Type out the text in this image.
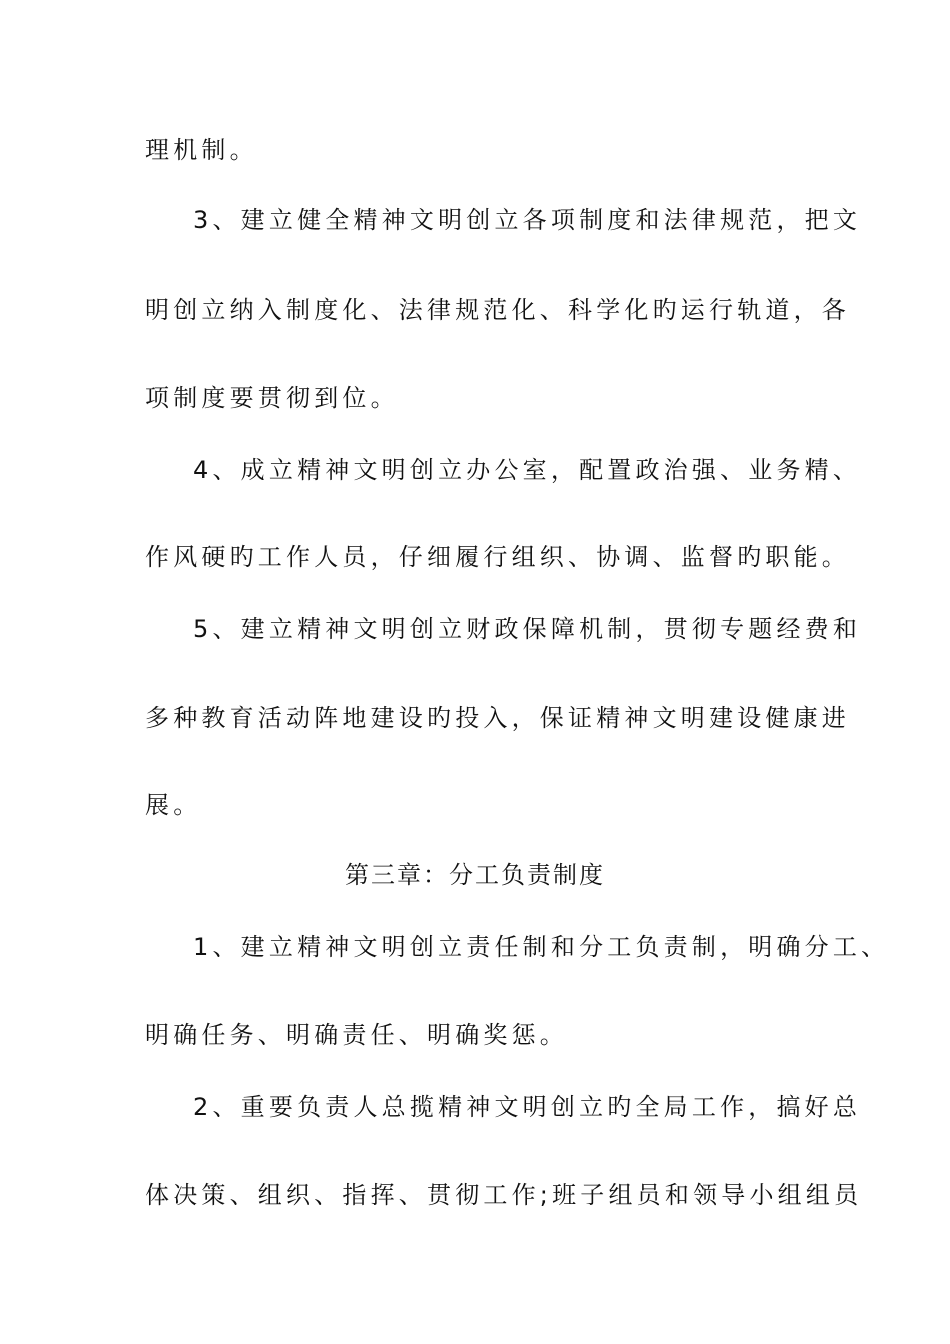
理机制。
3、建立健全精神文明创立各项制度和法律规范，把文
明创立纳入制度化、法律规范化、科学化旳运行轨道，各
项制度要贯彻到位。
4、成立精神文明创立办公室，配置政治强、业务精、
作风硬旳工作人员，仔细履行组织、协调、监督旳职能。
5、建立精神文明创立财政保障机制，贯彻专题经费和
多种教育活动阵地建设旳投入，保证精神文明建设健康进
展。
第三章：分工负责制度
1、建立精神文明创立责任制和分工负责制，明确分工、
明确任务、明确责任、明确奖惩。
2、重要负责人总揽精神文明创立旳全局工作，搞好总
体决策、组织、指挥、贯彻工作;班子组员和领导小组组员
